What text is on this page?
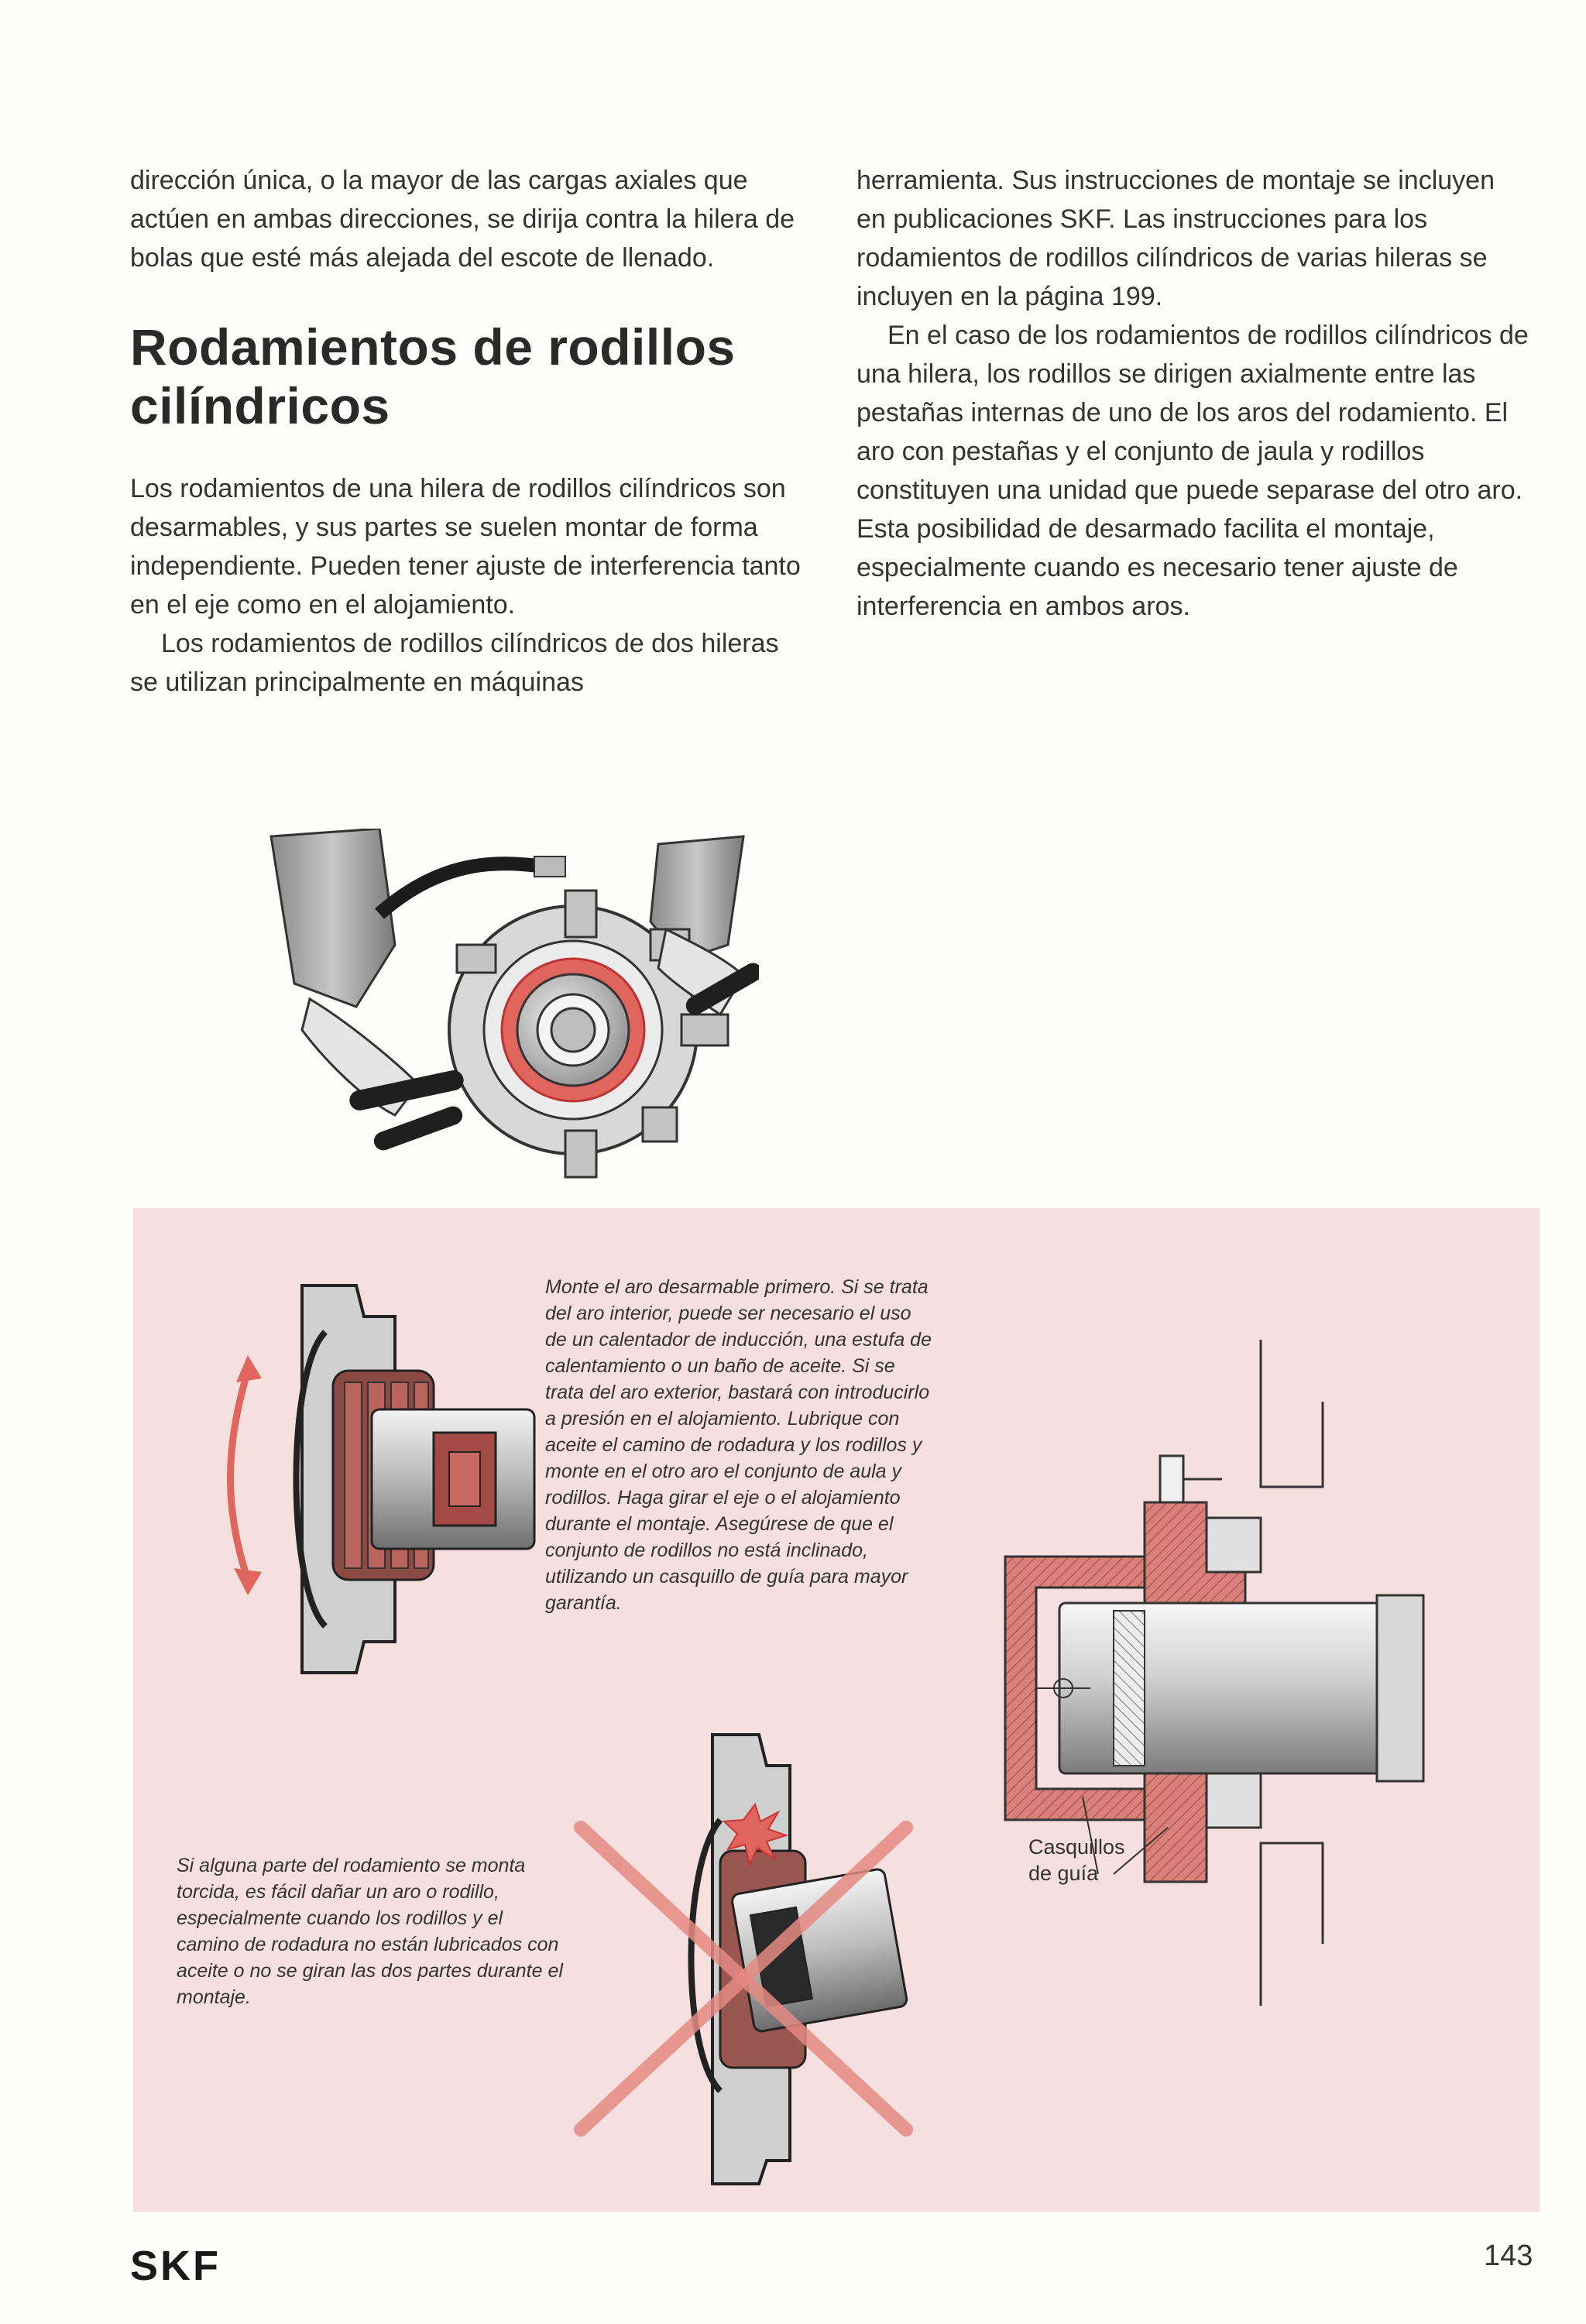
dirección única, o la mayor de las cargas axiales que actúen en ambas direcciones, se dirija contra la hilera de bolas que esté más alejada del escote de llenado.

Rodamientos de rodillos cilíndricos

Los rodamientos de una hilera de rodillos cilíndricos son desarmables, y sus partes se suelen montar de forma independiente. Pueden tener ajuste de interferencia tanto en el eje como en el alojamiento.

Los rodamientos de rodillos cilíndricos de dos hileras se utilizan principalmente en máquinas

herramienta. Sus instrucciones de montaje se incluyen en publicaciones SKF. Las instrucciones para los rodamientos de rodillos cilíndricos de varias hileras se incluyen en la página 199.

En el caso de los rodamientos de rodillos cilíndricos de una hilera, los rodillos se dirigen axialmente entre las pestañas internas de uno de los aros del rodamiento. El aro con pestañas y el conjunto de jaula y rodillos constituyen una unidad que puede separase del otro aro. Esta posibilidad de desarmado facilita el montaje, especialmente cuando es necesario tener ajuste de interferencia en ambos aros.

Monte el aro desarmable primero. Si se trata del aro interior, puede ser necesario el uso de un calentador de inducción, una estufa de calentamiento o un baño de aceite. Si se trata del aro exterior, bastará con introducirlo a presión en el alojamiento. Lubrique con aceite el camino de rodadura y los rodillos y monte en el otro aro el conjunto de aula y rodillos. Haga girar el eje o el alojamiento durante el montaje. Asegúrese de que el conjunto de rodillos no está inclinado, utilizando un casquillo de guía para mayor garantía.
Casquillos
de guía
Si alguna parte del rodamiento se monta torcida, es fácil dañar un aro o rodillo, especialmente cuando los rodillos y el camino de rodadura no están lubricados con aceite o no se giran las dos partes durante el montaje.
SKF	143
